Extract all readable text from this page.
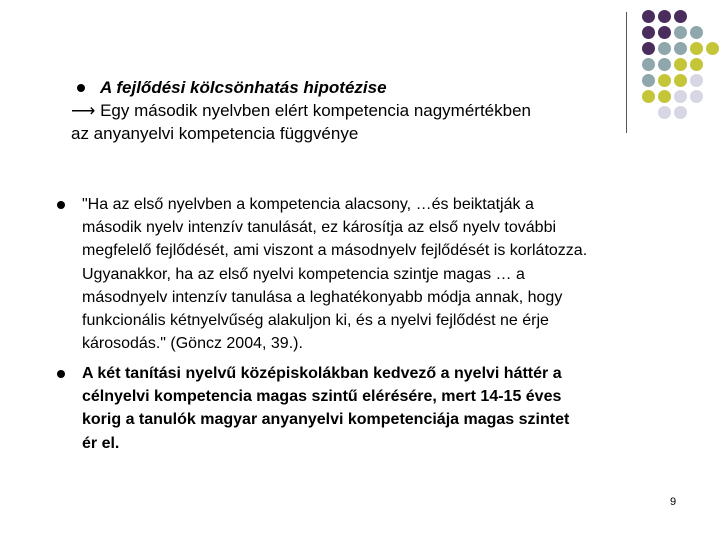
A fejlődési kölcsönhatás hipotézise
⟶ Egy második nyelvben elért kompetencia nagymértékben
az anyanyelvi kompetencia függvénye
"Ha az első nyelvben a kompetencia alacsony, …és beiktatják a
második nyelv intenzív tanulását, ez károsítja az első nyelv további
megfelelő fejlődését, ami viszont a másodnyelv fejlődését is korlátozza.
Ugyanakkor, ha az első nyelvi kompetencia szintje magas … a
másodnyelv intenzív tanulása a leghatékonyabb módja annak, hogy
funkcionális kétnyelvűség alakuljon ki, és a nyelvi fejlődést ne érje
károsodás." (Göncz 2004, 39.).
A két tanítási nyelvű középiskolákban kedvező a nyelvi háttér a
célnyelvi kompetencia magas szintű elérésére, mert 14-15 éves
korig a tanulók magyar anyanyelvi kompetenciája magas szintet
ér el.
9
